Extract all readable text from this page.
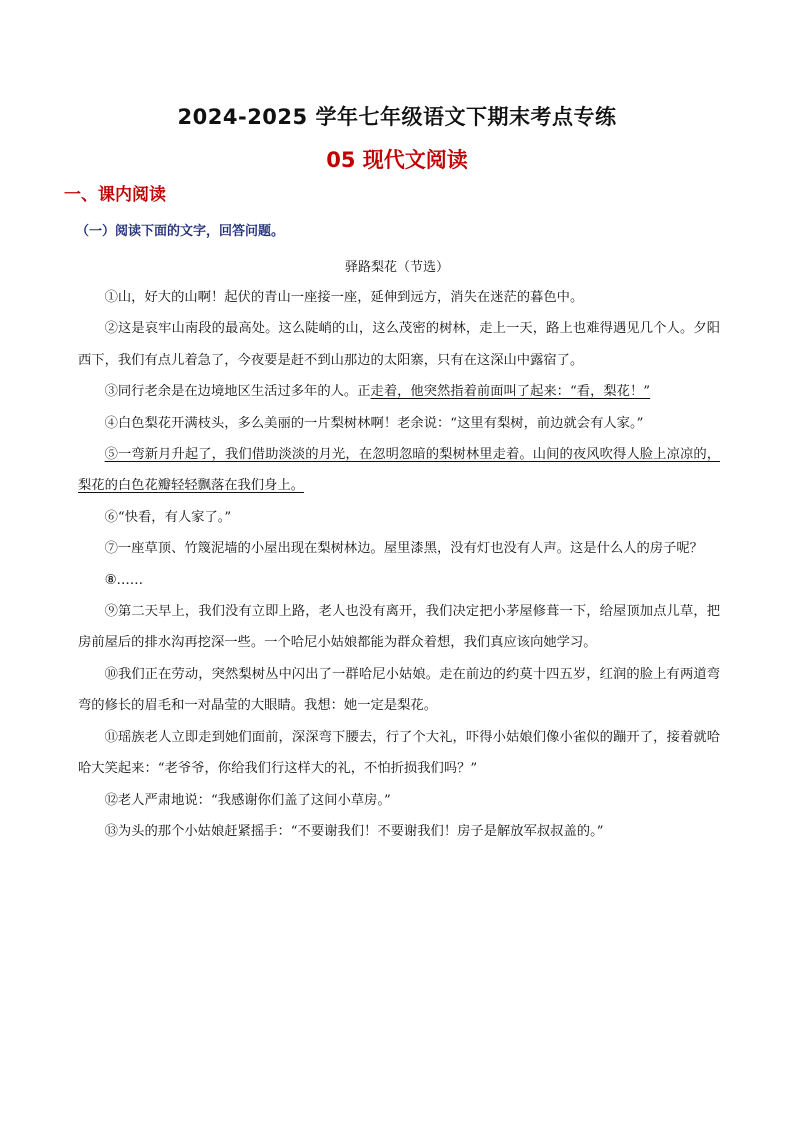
2024-2025 学年七年级语文下期末考点专练
05 现代文阅读
一、课内阅读
（一）阅读下面的文字，回答问题。
驿路梨花（节选）

①山，好大的山啊！起伏的青山一座接一座，延伸到远方，消失在迷茫的暮色中。

②这是哀牢山南段的最高处。这么陡峭的山，这么茂密的树林，走上一天，路上也难得遇见几个人。夕阳西下，我们有点儿着急了，今夜要是赶不到山那边的太阳寨，只有在这深山中露宿了。

③同行老余是在边境地区生活过多年的人。正走着，他突然指着前面叫了起来：“看，梨花！”

④白色梨花开满枝头，多么美丽的一片梨树林啊！老余说：“这里有梨树，前边就会有人家。”

⑤一弯新月升起了，我们借助淡淡的月光，在忽明忽暗的梨树林里走着。山间的夜风吹得人脸上凉凉的，梨花的白色花瓣轻轻飘落在我们身上。

⑥“快看，有人家了。”

⑦一座草顶、竹篾泥墙的小屋出现在梨树林边。屋里漆黑，没有灯也没有人声。这是什么人的房子呢？

⑧……

⑨第二天早上，我们没有立即上路，老人也没有离开，我们决定把小茅屋修葺一下，给屋顶加点儿草，把房前屋后的排水沟再挖深一些。一个哈尼小姑娘都能为群众着想，我们真应该向她学习。

⑩我们正在劳动，突然梨树丛中闪出了一群哈尼小姑娘。走在前边的约莫十四五岁，红润的脸上有两道弯弯的修长的眉毛和一对晶莹的大眼睛。我想：她一定是梨花。

⑪瑶族老人立即走到她们面前，深深弯下腰去，行了个大礼，吓得小姑娘们像小雀似的蹦开了，接着就哈哈大笑起来：“老爷爷，你给我们行这样大的礼，不怕折损我们吗？”

⑫老人严肃地说：“我感谢你们盖了这间小草房。”

⑬为头的那个小姑娘赶紧摇手：“不要谢我们！不要谢我们！房子是解放军叔叔盖的。”
